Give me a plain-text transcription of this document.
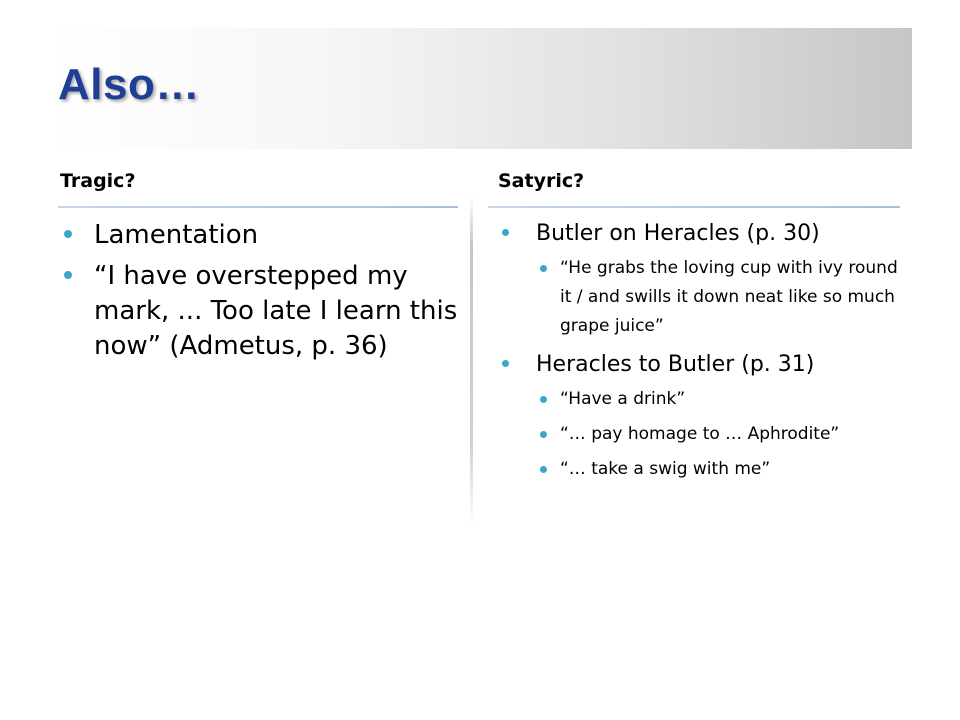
Also…
Tragic?	Satyric?
Lamentation
“I have overstepped my mark, ... Too late I learn this now” (Admetus, p. 36)
Butler on Heracles (p. 30)
“He grabs the loving cup with ivy round it / and swills it down neat like so much grape juice”
Heracles to Butler (p. 31)
“Have a drink”
“… pay homage to … Aphrodite”
“… take a swig with me”
